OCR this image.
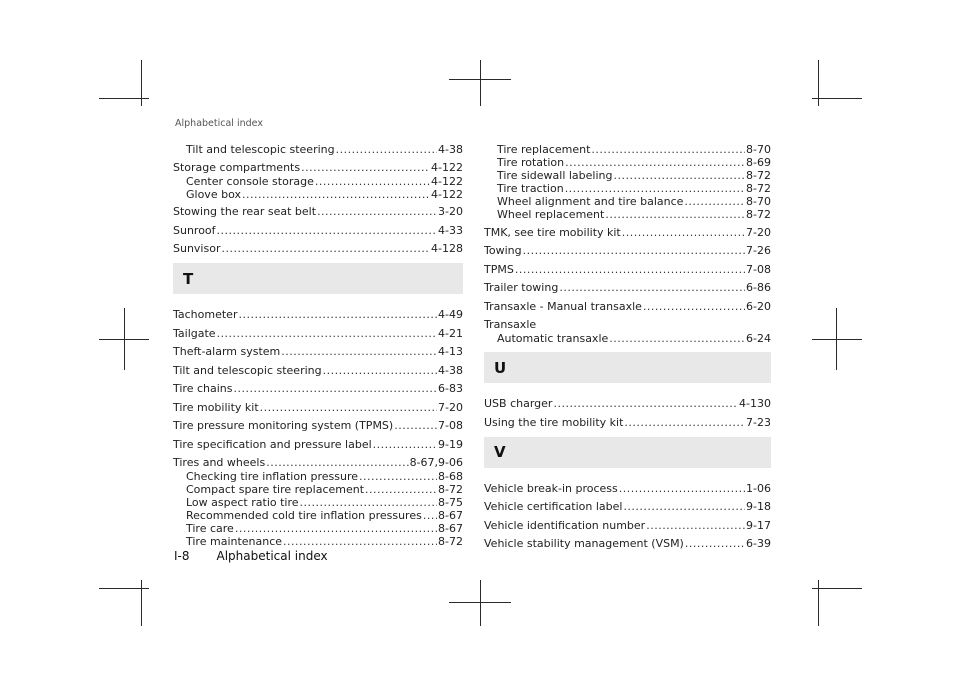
Alphabetical index
Tilt and telescopic steering .....	4-38
Storage compartments .....	4-122
Center console storage .....	4-122
Glove box .....	4-122
Stowing the rear seat belt .....	3-20
Sunroof .....	4-33
Sunvisor .....	4-128
T
Tachometer .....	4-49
Tailgate .....	4-21
Theft-alarm system .....	4-13
Tilt and telescopic steering .....	4-38
Tire chains .....	6-83
Tire mobility kit .....	7-20
Tire pressure monitoring system (TPMS) .....	7-08
Tire specification and pressure label .....	9-19
Tires and wheels .....	8-67,9-06
Checking tire inflation pressure .....	8-68
Compact spare tire replacement .....	8-72
Low aspect ratio tire .....	8-75
Recommended cold tire inflation pressures ..... 8-67
Tire care .....	8-67
Tire maintenance .....	8-72
Tire replacement .....	8-70
Tire rotation .....	8-69
Tire sidewall labeling .....	8-72
Tire traction .....	8-72
Wheel alignment and tire balance .....	8-70
Wheel replacement .....	8-72
TMK, see tire mobility kit .....	7-20
Towing .....	7-26
TPMS .....	7-08
Trailer towing .....	6-86
Transaxle - Manual transaxle .....	6-20
Transaxle
Automatic transaxle .....	6-24
U
USB charger .....	4-130
Using the tire mobility kit .....	7-23
V
Vehicle break-in process .....	1-06
Vehicle certification label .....	9-18
Vehicle identification number .....	9-17
Vehicle stability management (VSM) .....	6-39
I-8 Alphabetical index
